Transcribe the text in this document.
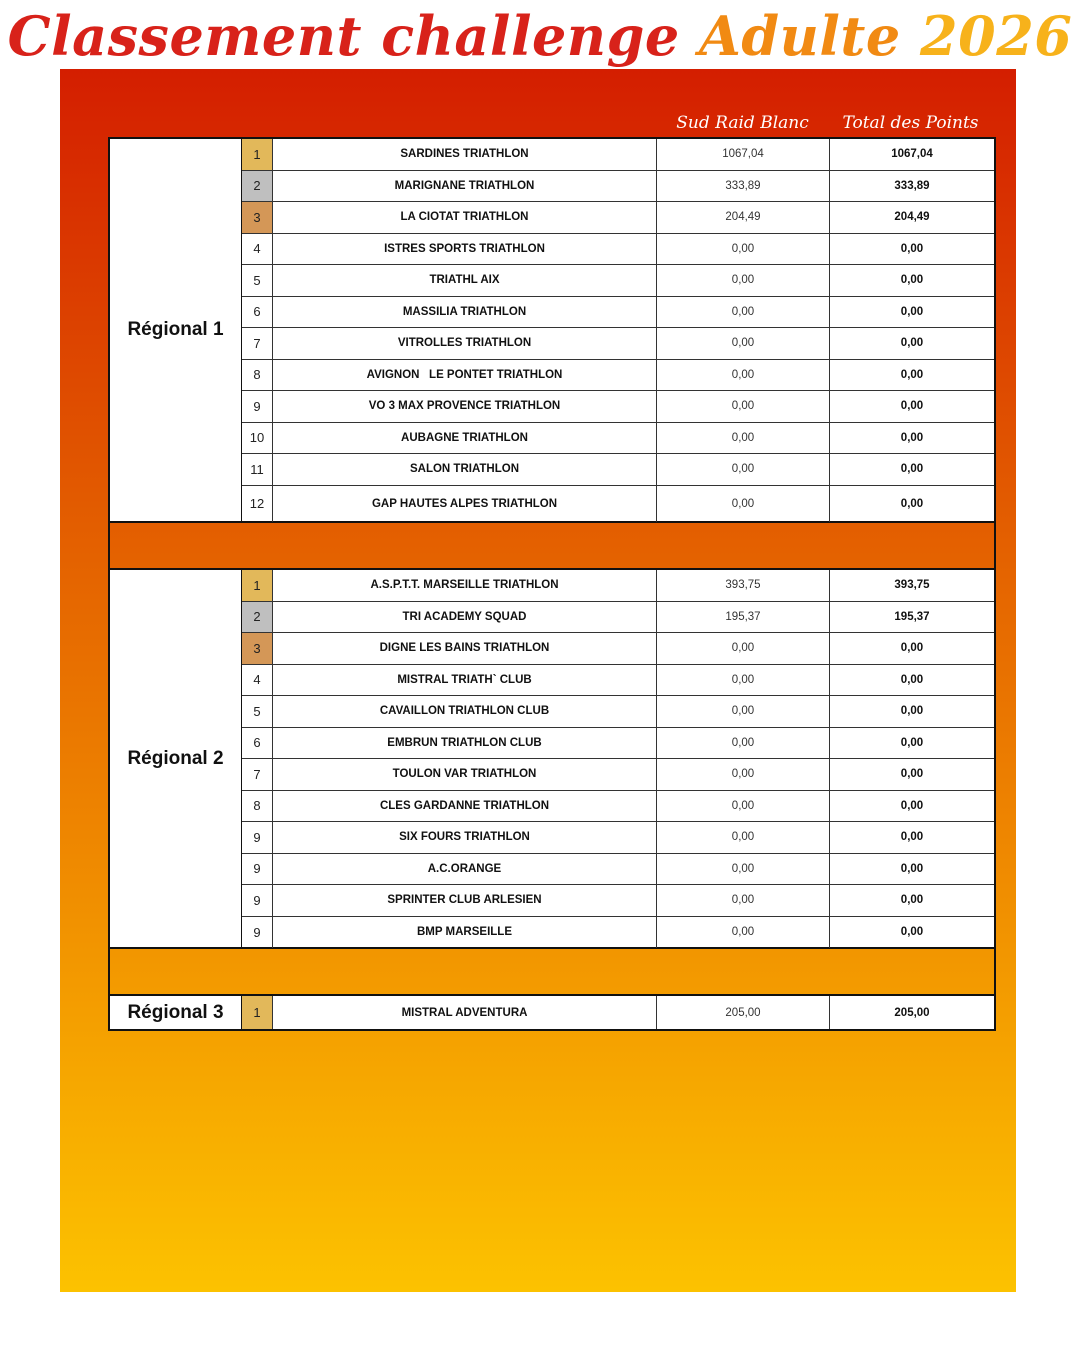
Classement challenge Adulte 2026
Sud Raid Blanc	Total des Points
Régional 1
1	SARDINES TRIATHLON	1067,04	1067,04
2	MARIGNANE TRIATHLON	333,89	333,89
3	LA CIOTAT TRIATHLON	204,49	204,49
4	ISTRES SPORTS TRIATHLON	0,00	0,00
5	TRIATHL AIX	0,00	0,00
6	MASSILIA TRIATHLON	0,00	0,00
7	VITROLLES TRIATHLON	0,00	0,00
8	AVIGNON   LE PONTET TRIATHLON	0,00	0,00
9	VO 3 MAX PROVENCE TRIATHLON	0,00	0,00
10	AUBAGNE TRIATHLON	0,00	0,00
11	SALON TRIATHLON	0,00	0,00
12	GAP HAUTES ALPES TRIATHLON	0,00	0,00
Régional 2
1	A.S.P.T.T. MARSEILLE TRIATHLON	393,75	393,75
2	TRI ACADEMY SQUAD	195,37	195,37
3	DIGNE LES BAINS TRIATHLON	0,00	0,00
4	MISTRAL TRIATH` CLUB	0,00	0,00
5	CAVAILLON TRIATHLON CLUB	0,00	0,00
6	EMBRUN TRIATHLON CLUB	0,00	0,00
7	TOULON VAR TRIATHLON	0,00	0,00
8	CLES GARDANNE TRIATHLON	0,00	0,00
9	SIX FOURS TRIATHLON	0,00	0,00
9	A.C.ORANGE	0,00	0,00
9	SPRINTER CLUB ARLESIEN	0,00	0,00
9	BMP MARSEILLE	0,00	0,00
Régional 3	1	MISTRAL ADVENTURA	205,00	205,00
